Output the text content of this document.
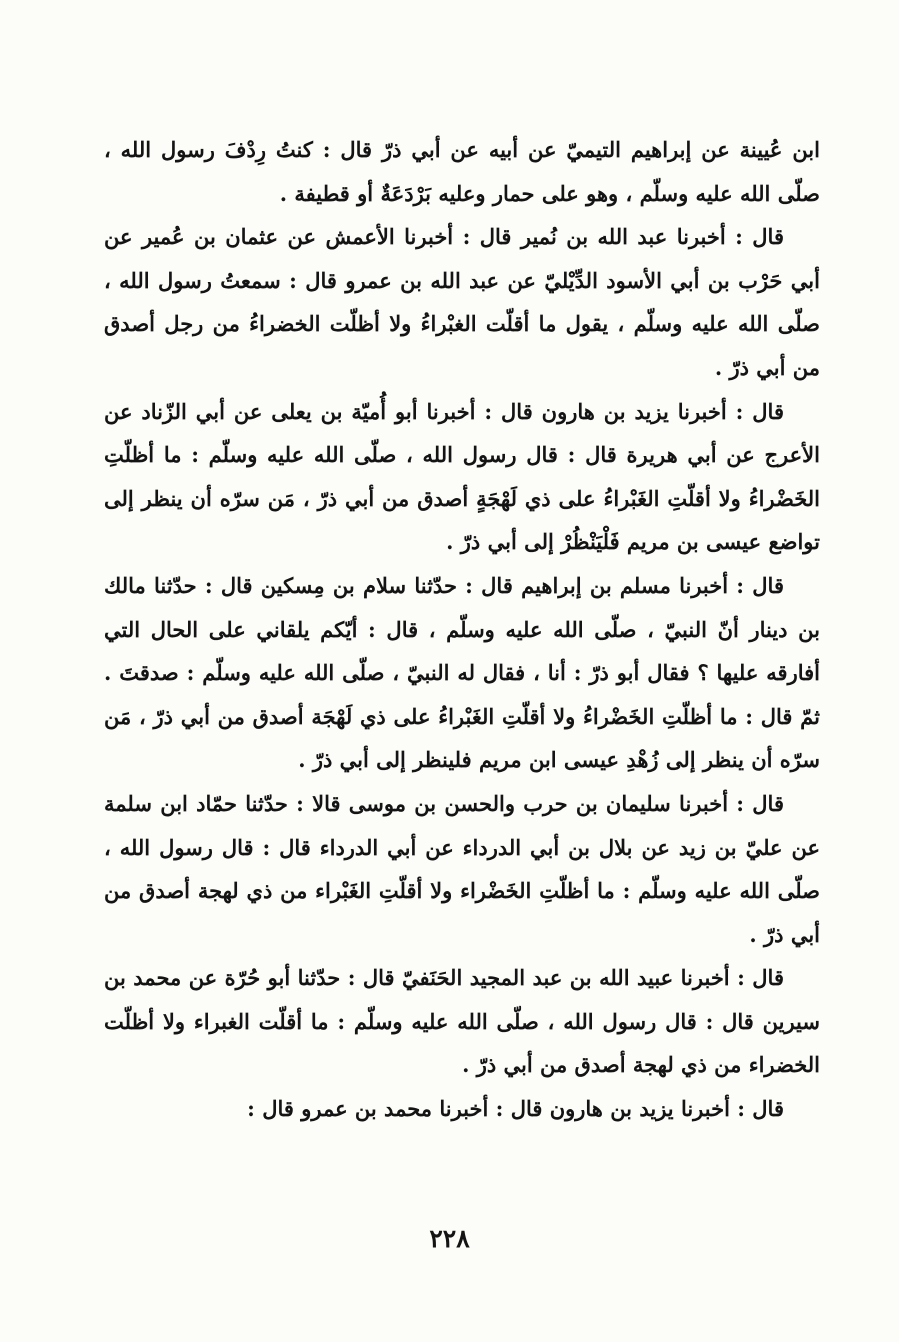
ابن عُيينة عن إبراهيم التيميّ عن أبيه عن أبي ذرّ قال : كنتُ رِدْفَ رسول الله ، صلّى الله عليه وسلّم ، وهو على حمار وعليه بَرْدَعَةٌ أو قطيفة .

قال : أخبرنا عبد الله بن نُمير قال : أخبرنا الأعمش عن عثمان بن عُمير عن أبي حَرْب بن أبي الأسود الدِّيْليّ عن عبد الله بن عمرو قال : سمعتُ رسول الله ، صلّى الله عليه وسلّم ، يقول ما أقلّت الغبْراءُ ولا أظلّت الخضراءُ من رجل أصدق من أبي ذرّ .

قال : أخبرنا يزيد بن هارون قال : أخبرنا أبو أُميّة بن يعلى عن أبي الزّناد عن الأعرج عن أبي هريرة قال : قال رسول الله ، صلّى الله عليه وسلّم : ما أظلّتِ الخَضْراءُ ولا أقلّتِ الغَبْراءُ على ذي لَهْجَةٍ أصدق من أبي ذرّ ، مَن سرّه أن ينظر إلى تواضع عيسى بن مريم فَلْيَنْظُرْ إلى أبي ذرّ .

قال : أخبرنا مسلم بن إبراهيم قال : حدّثنا سلام بن مِسكين قال : حدّثنا مالك بن دينار أنّ النبيّ ، صلّى الله عليه وسلّم ، قال : أيّكم يلقاني على الحال التي أفارقه عليها ؟ فقال أبو ذرّ : أنا ، فقال له النبيّ ، صلّى الله عليه وسلّم : صدقتَ . ثمّ قال : ما أظلّتِ الخَضْراءُ ولا أقلّتِ الغَبْراءُ على ذي لَهْجَة أصدق من أبي ذرّ ، مَن سرّه أن ينظر إلى زُهْدِ عيسى ابن مريم فلينظر إلى أبي ذرّ .

قال : أخبرنا سليمان بن حرب والحسن بن موسى قالا : حدّثنا حمّاد ابن سلمة عن عليّ بن زيد عن بلال بن أبي الدرداء عن أبي الدرداء قال : قال رسول الله ، صلّى الله عليه وسلّم : ما أظلّتِ الخَضْراء ولا أقلّتِ الغَبْراء من ذي لهجة أصدق من أبي ذرّ .

قال : أخبرنا عبيد الله بن عبد المجيد الحَنَفيّ قال : حدّثنا أبو حُرّة عن محمد بن سيرين قال : قال رسول الله ، صلّى الله عليه وسلّم : ما أقلّت الغبراء ولا أظلّت الخضراء من ذي لهجة أصدق من أبي ذرّ .

قال : أخبرنا يزيد بن هارون قال : أخبرنا محمد بن عمرو قال :

٢٢٨
